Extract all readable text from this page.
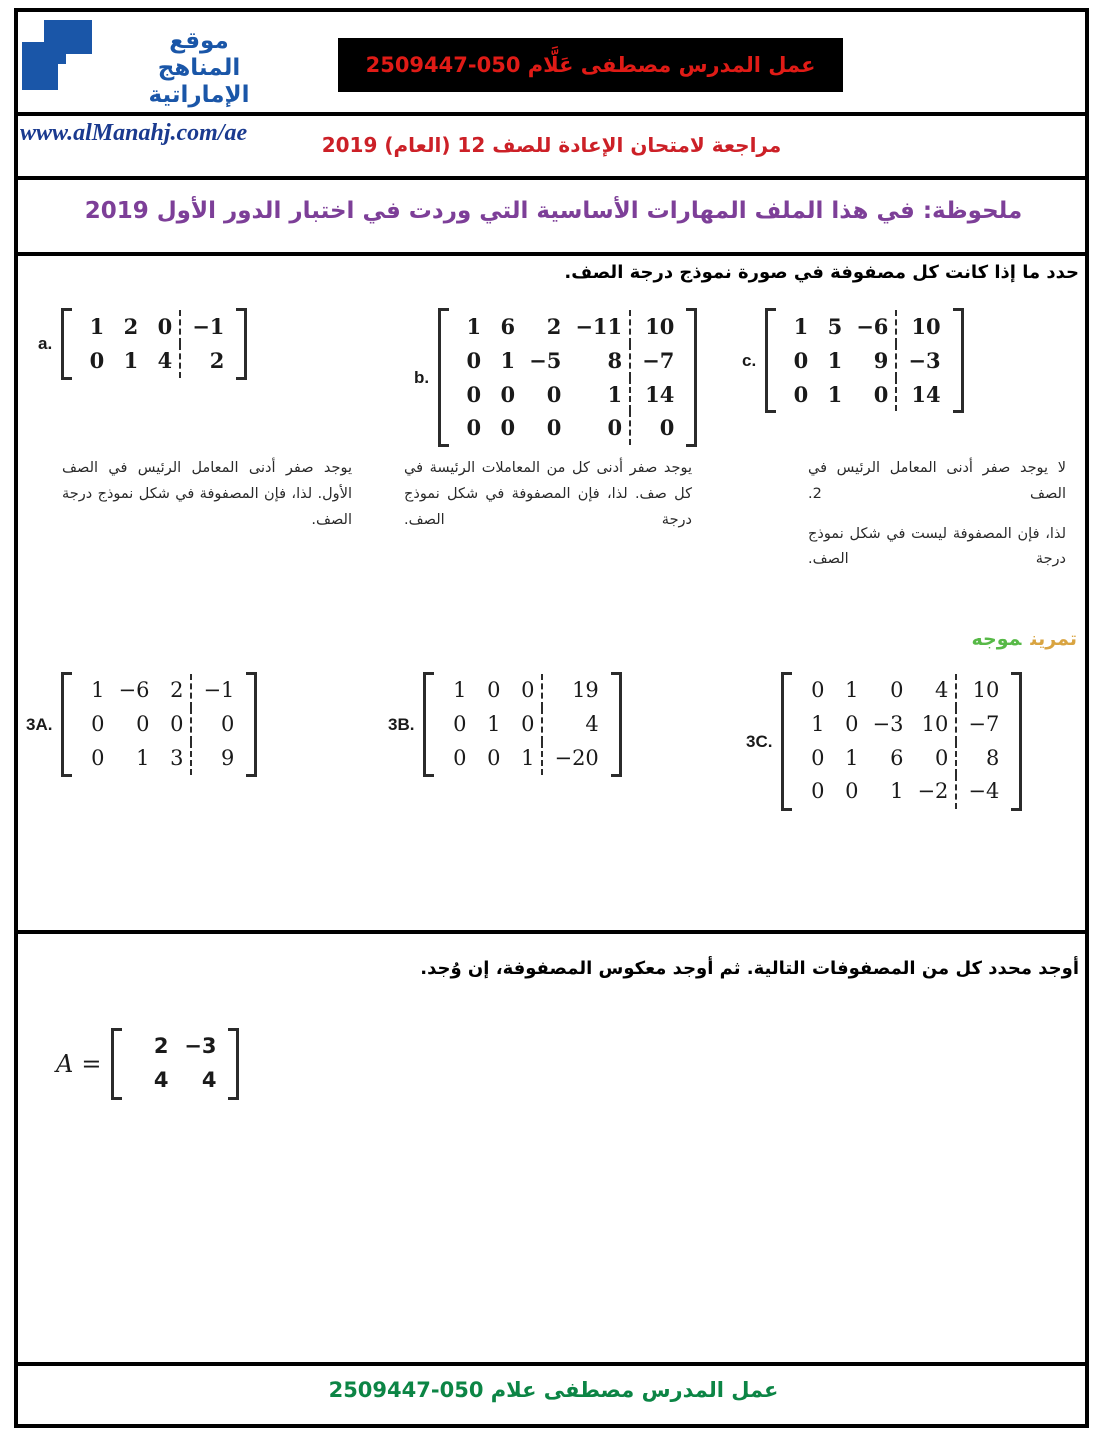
موقع
المناهج الإماراتية
عمل المدرس مصطفى عَلَّام 050-2509447
www.alManahj.com/ae	مراجعة لامتحان الإعادة للصف 12 (العام) 2019
ملحوظة: في هذا الملف المهارات الأساسية التي وردت في اختبار الدور الأول 2019
حدد ما إذا كانت كل مصفوفة في صورة نموذج درجة الصف.
a.
1	2	0	−1
0	1	4	2
b.
1	6	2	−11	10
0	1	−5	8	−7
0	0	0	1	14
0	0	0	0	0
c.
1	5	−6	10
0	1	9	−3
0	1	0	14

يوجد صفر أدنى المعامل الرئيس في الصف الأول. لذا، فإن المصفوفة في شكل نموذج درجة الصف.

يوجد صفر أدنى كل من المعاملات الرئيسة في كل صف. لذا، فإن المصفوفة في شكل نموذج درجة الصف.

لا يوجد صفر أدنى المعامل الرئيس في الصف 2.

لذا، فإن المصفوفة ليست في شكل نموذج درجة الصف.

تمرينموجه
3A.
1	−6	2	−1
0	0	0	0
0	1	3	9
3B.
1	0	0	19
0	1	0	4
0	0	1	−20
3C.
0	1	0	4	10
1	0	−3	10	−7
0	1	6	0	8
0	0	1	−2	−4
أوجد محدد كل من المصفوفات التالية. ثم أوجد معكوس المصفوفة، إن وُجد.
A =
2	−3
4	4
عمل المدرس مصطفى علام 050-2509447
